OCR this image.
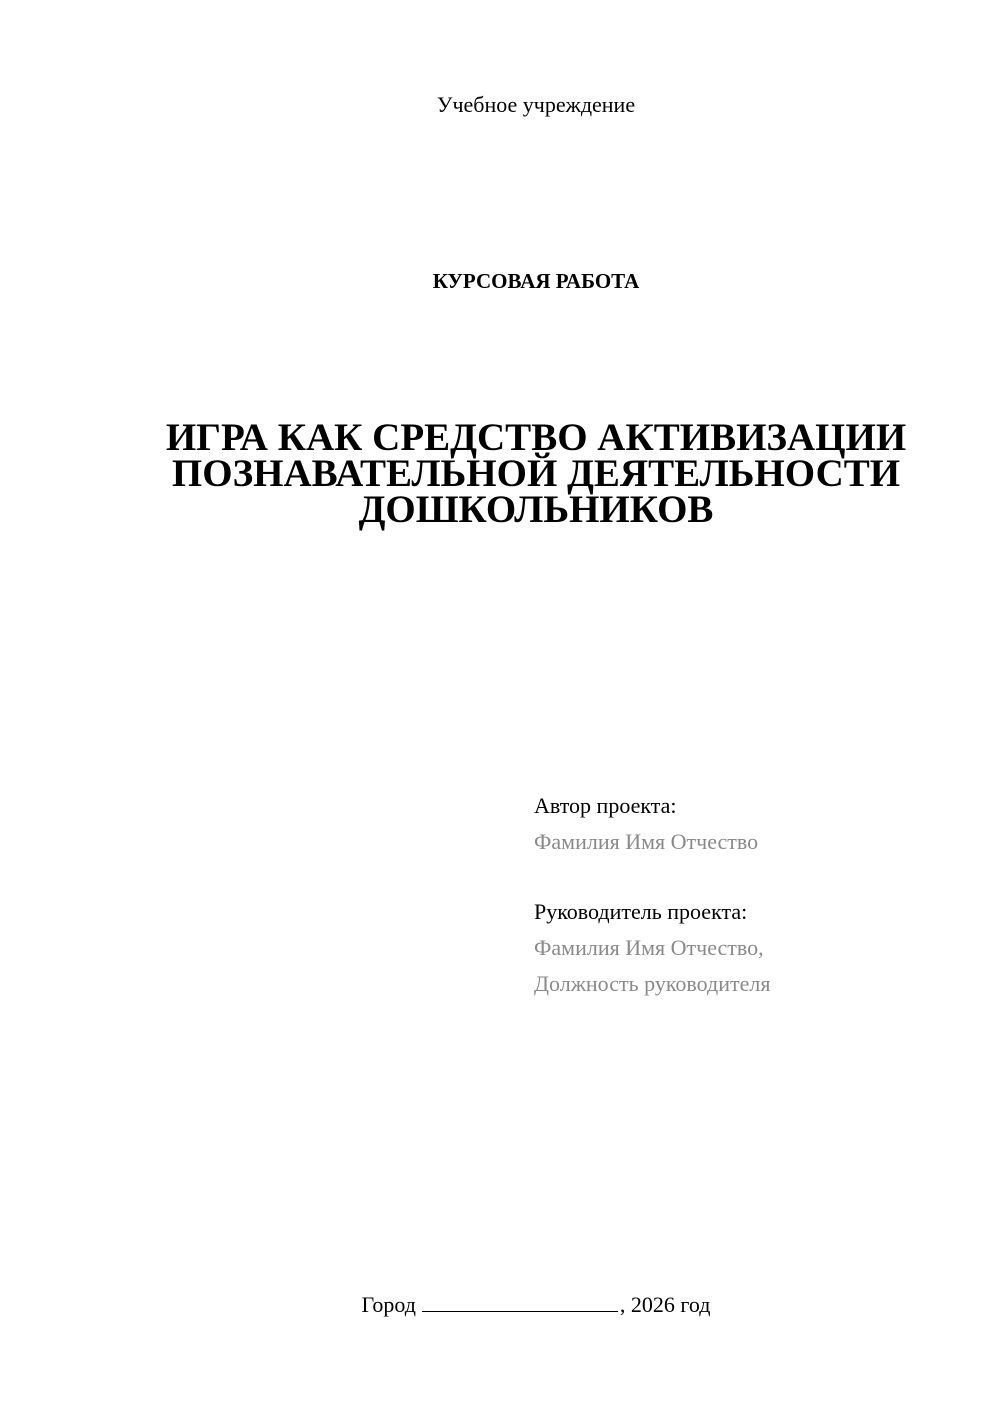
Учебное учреждение
КУРСОВАЯ РАБОТА
ИГРА КАК СРЕДСТВО АКТИВИЗАЦИИ
ПОЗНАВАТЕЛЬНОЙ ДЕЯТЕЛЬНОСТИ
ДОШКОЛЬНИКОВ
Автор проекта:
Фамилия Имя Отчество
Руководитель проекта:
Фамилия Имя Отчество,
Должность руководителя
Город	, 2026 год
